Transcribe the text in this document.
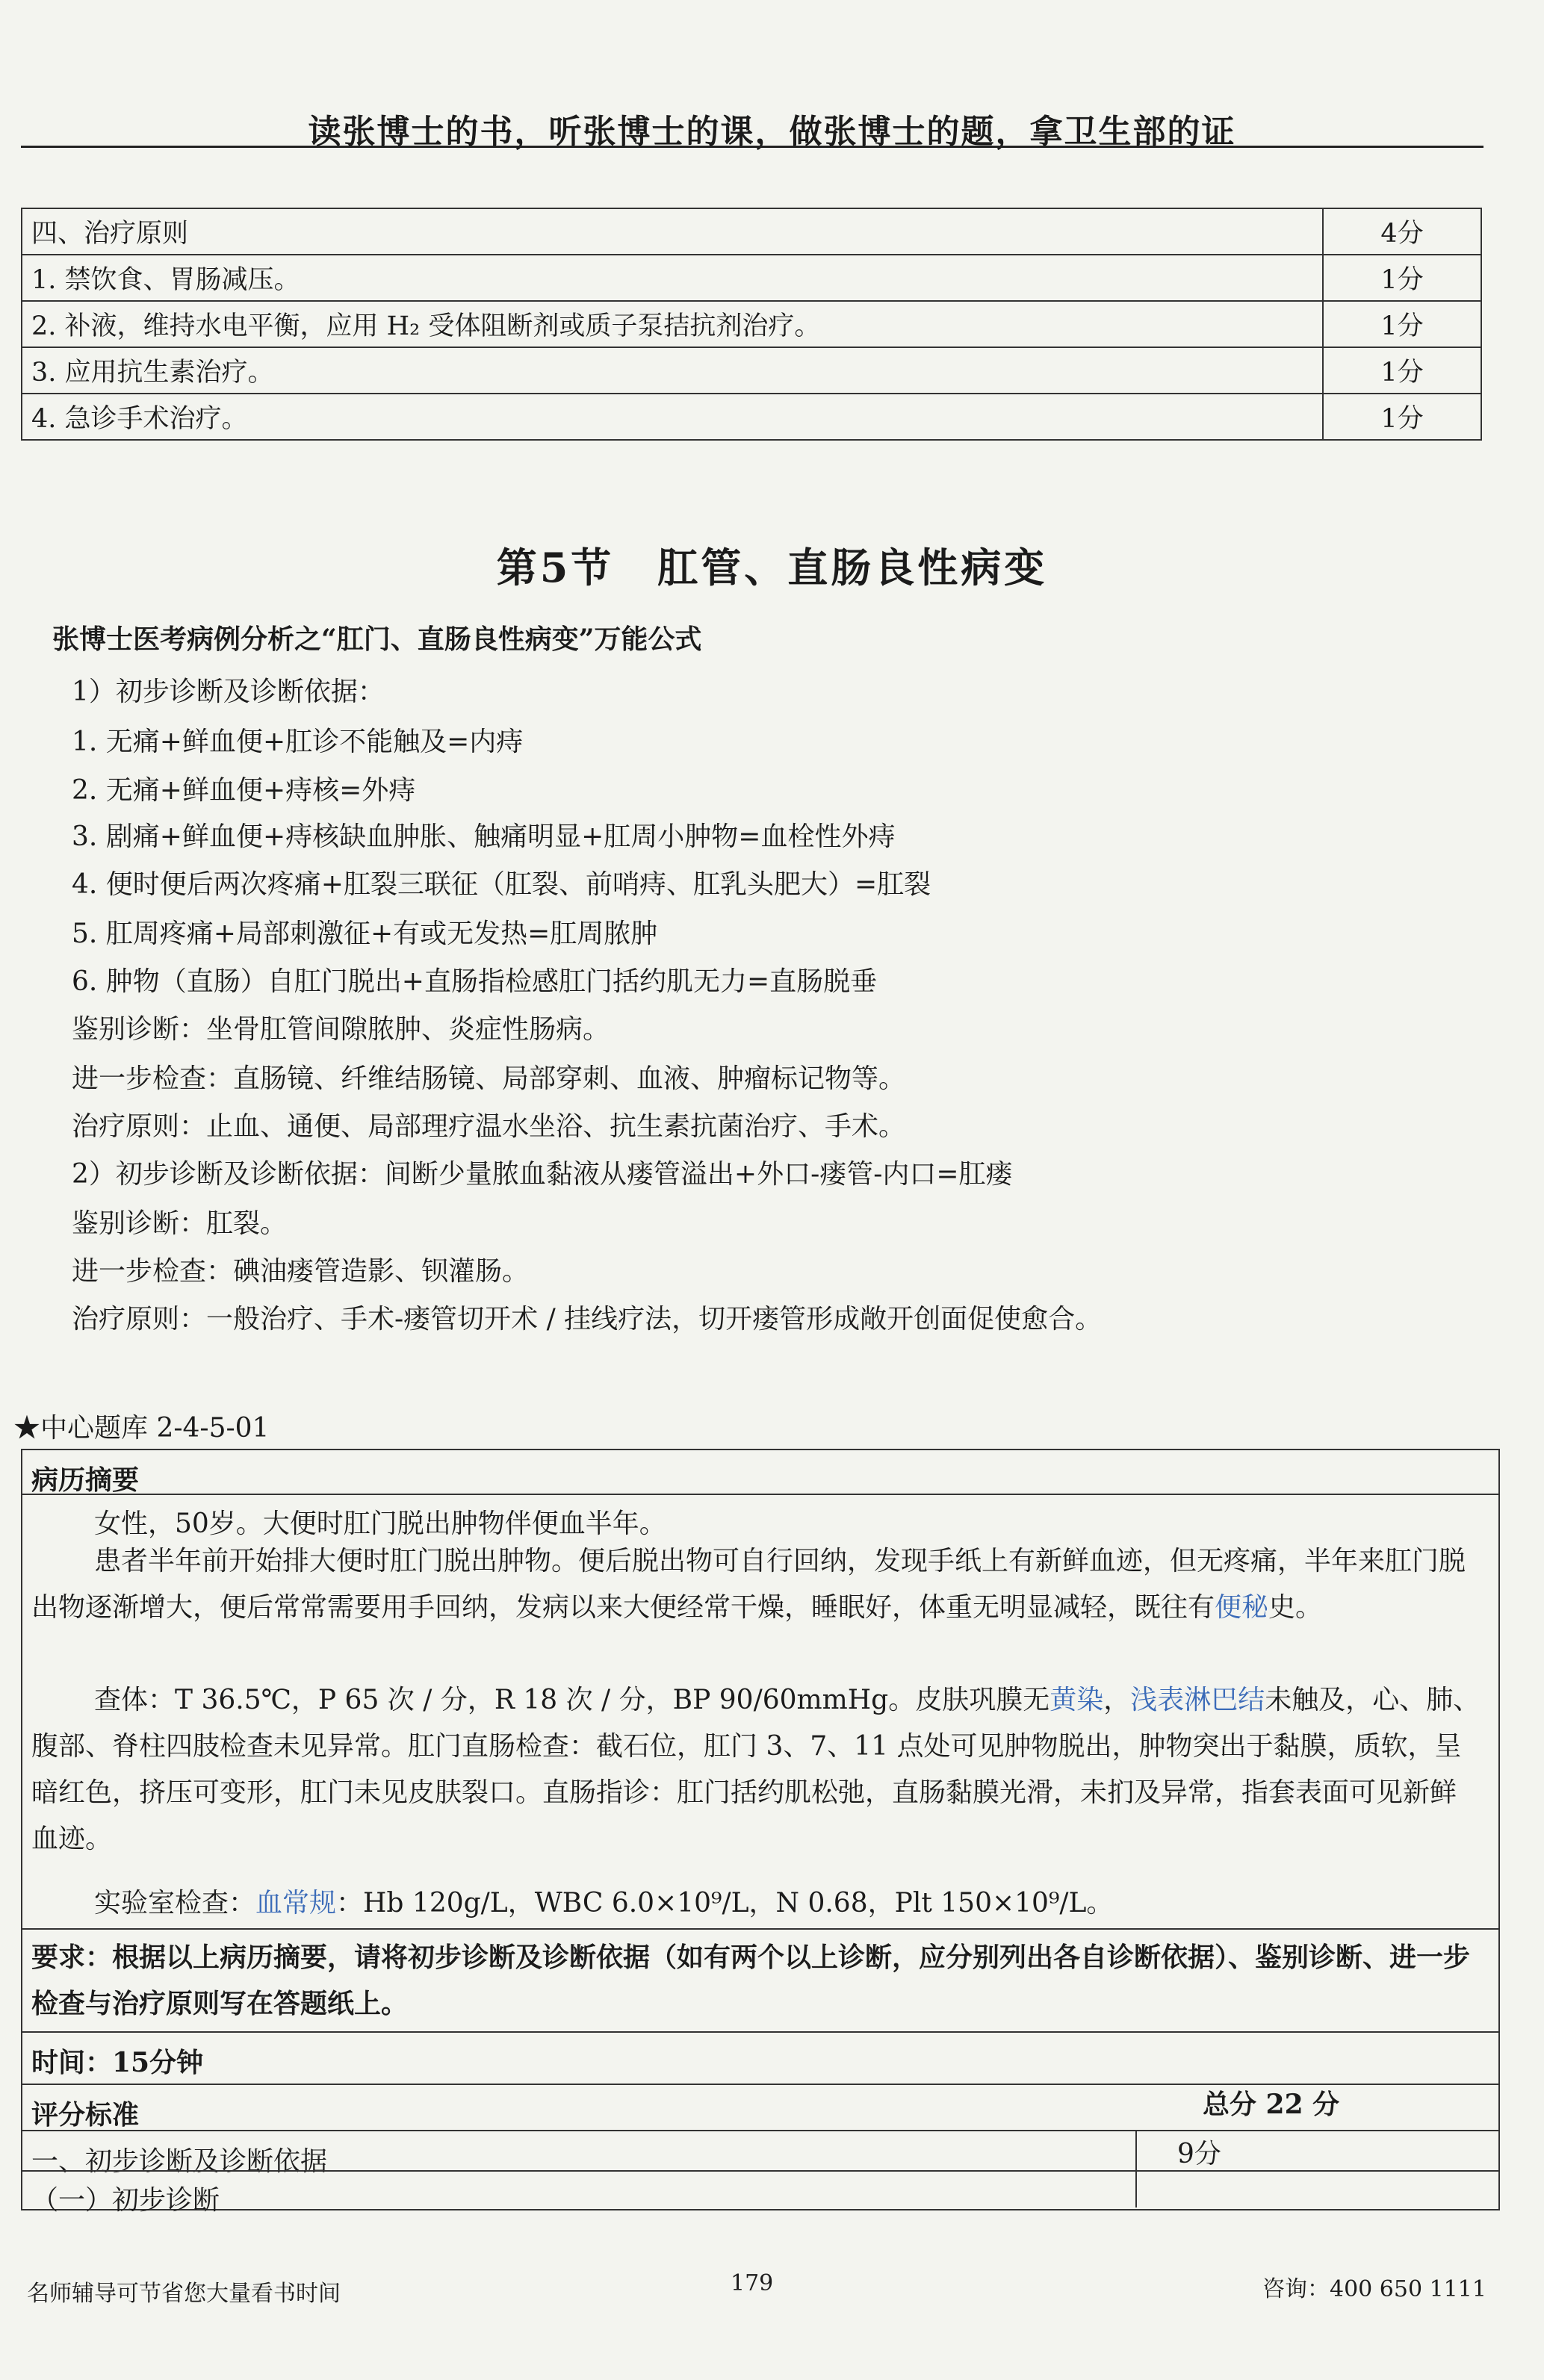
读张博士的书，听张博士的课，做张博士的题，拿卫生部的证
四、治疗原则	4分
1. 禁饮食、胃肠减压。	1分
2. 补液，维持水电平衡，应用 H₂ 受体阻断剂或质子泵拮抗剂治疗。	1分
3. 应用抗生素治疗。	1分
4. 急诊手术治疗。	1分
第5节　肛管、直肠良性病变
张博士医考病例分析之“肛门、直肠良性病变”万能公式
1）初步诊断及诊断依据：
1. 无痛+鲜血便+肛诊不能触及=内痔
2. 无痛+鲜血便+痔核=外痔
3. 剧痛+鲜血便+痔核缺血肿胀、触痛明显+肛周小肿物=血栓性外痔
4. 便时便后两次疼痛+肛裂三联征（肛裂、前哨痔、肛乳头肥大）=肛裂
5. 肛周疼痛+局部刺激征+有或无发热=肛周脓肿
6. 肿物（直肠）自肛门脱出+直肠指检感肛门括约肌无力=直肠脱垂
鉴别诊断：坐骨肛管间隙脓肿、炎症性肠病。
进一步检查：直肠镜、纤维结肠镜、局部穿刺、血液、肿瘤标记物等。
治疗原则：止血、通便、局部理疗温水坐浴、抗生素抗菌治疗、手术。
2）初步诊断及诊断依据：间断少量脓血黏液从瘘管溢出+外口-瘘管-内口=肛瘘
鉴别诊断：肛裂。
进一步检查：碘油瘘管造影、钡灌肠。
治疗原则：一般治疗、手术-瘘管切开术 / 挂线疗法，切开瘘管形成敞开创面促使愈合。
★中心题库 2-4-5-01
病历摘要
女性，50岁。大便时肛门脱出肿物伴便血半年。
患者半年前开始排大便时肛门脱出肿物。便后脱出物可自行回纳，发现手纸上有新鲜血迹，但无疼痛，半年来肛门脱出物逐渐增大，便后常常需要用手回纳，发病以来大便经常干燥，睡眠好，体重无明显减轻，既往有便秘史。
查体：T 36.5℃，P 65 次 / 分，R 18 次 / 分，BP 90/60mmHg。皮肤巩膜无黄染，浅表淋巴结未触及，心、肺、腹部、脊柱四肢检查未见异常。肛门直肠检查：截石位，肛门 3、7、11 点处可见肿物脱出，肿物突出于黏膜，质软，呈暗红色，挤压可变形，肛门未见皮肤裂口。直肠指诊：肛门括约肌松弛，直肠黏膜光滑，未扪及异常，指套表面可见新鲜血迹。
实验室检查：血常规：Hb 120g/L，WBC 6.0×10⁹/L，N 0.68，Plt 150×10⁹/L。
要求：根据以上病历摘要，请将初步诊断及诊断依据（如有两个以上诊断，应分别列出各自诊断依据）、鉴别诊断、进一步检查与治疗原则写在答题纸上。
时间：15分钟
评分标准	总分 22 分
一、初步诊断及诊断依据	9分
（一）初步诊断
名师辅导可节省您大量看书时间	179	咨询：400 650 1111
